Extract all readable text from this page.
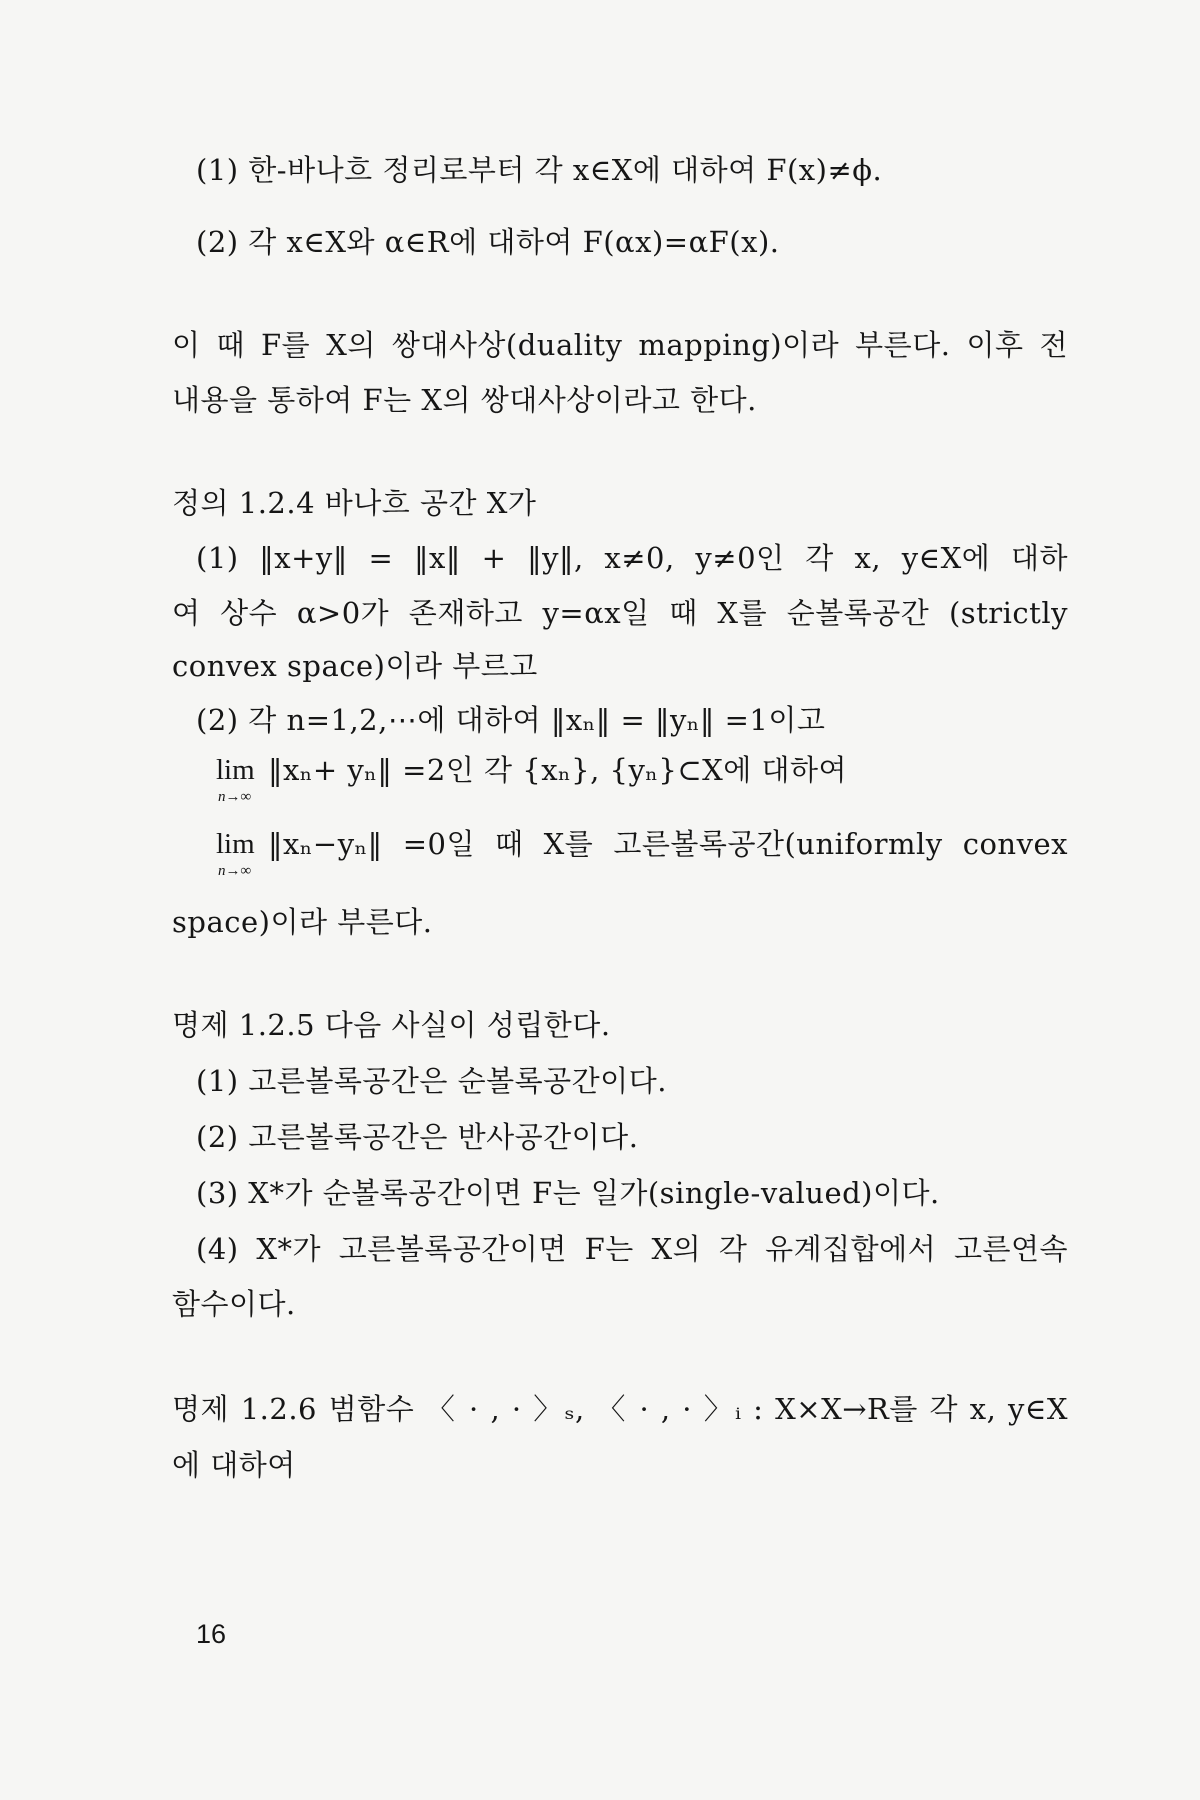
(1) 한-바나흐 정리로부터 각 x∈X에 대하여 F(x)≠ϕ.
(2) 각 x∈X와 α∈R에 대하여 F(αx)=αF(x).
이 때 F를 X의 쌍대사상(duality mapping)이라 부른다. 이후 전
내용을 통하여 F는 X의 쌍대사상이라고 한다.
정의 1.2.4 바나흐 공간 X가
(1) ‖x+y‖ = ‖x‖ + ‖y‖, x≠0, y≠0인 각 x, y∈X에 대하
여 상수 α>0가 존재하고 y=αx일 때 X를 순볼록공간 (strictly
convex space)이라 부르고
(2) 각 n=1,2,⋯에 대하여 ‖xₙ‖ = ‖yₙ‖ =1이고
lim
n→∞
‖xₙ+ yₙ‖ =2인 각 {xₙ}, {yₙ}⊂X에 대하여
lim
n→∞
‖xₙ−yₙ‖ =0일 때 X를 고른볼록공간(uniformly convex
space)이라 부른다.
명제 1.2.5 다음 사실이 성립한다.
(1) 고른볼록공간은 순볼록공간이다.
(2) 고른볼록공간은 반사공간이다.
(3) X*가 순볼록공간이면 F는 일가(single-valued)이다.
(4) X*가 고른볼록공간이면 F는 X의 각 유계집합에서 고른연속
함수이다.
명제 1.2.6 범함수 〈 · , · 〉ₛ, 〈 · , · 〉ᵢ : X×X→R를 각 x, y∈X
에 대하여
16
